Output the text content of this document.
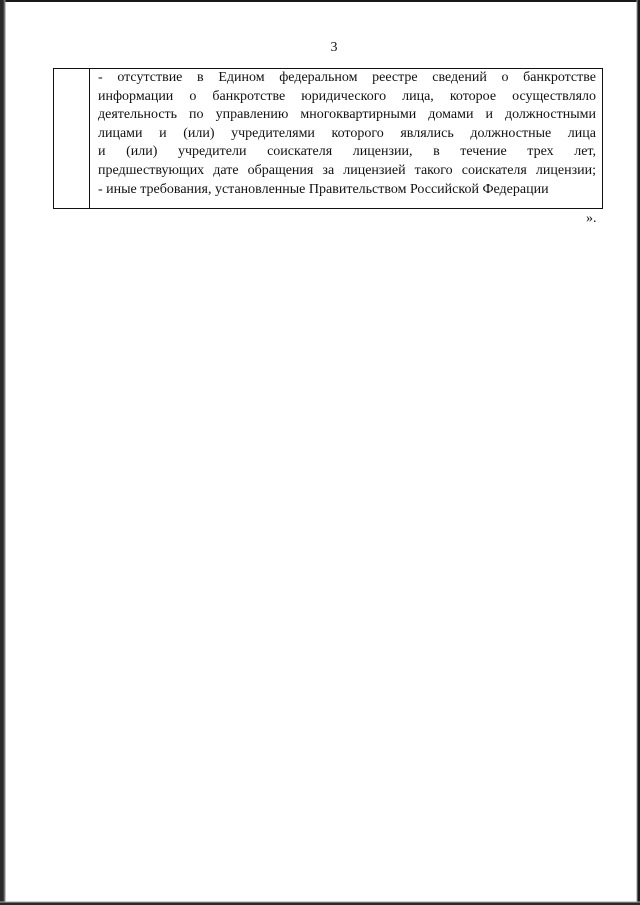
3
- отсутствие в Едином федеральном реестре сведений о банкротстве
информации о банкротстве юридического лица, которое осуществляло
деятельность по управлению многоквартирными домами и должностными
лицами и (или) учредителями которого являлись должностные лица
и (или) учредители соискателя лицензии, в течение трех лет,
предшествующих дате обращения за лицензией такого соискателя лицензии;
- иные требования, установленные Правительством Российской Федерации
».
